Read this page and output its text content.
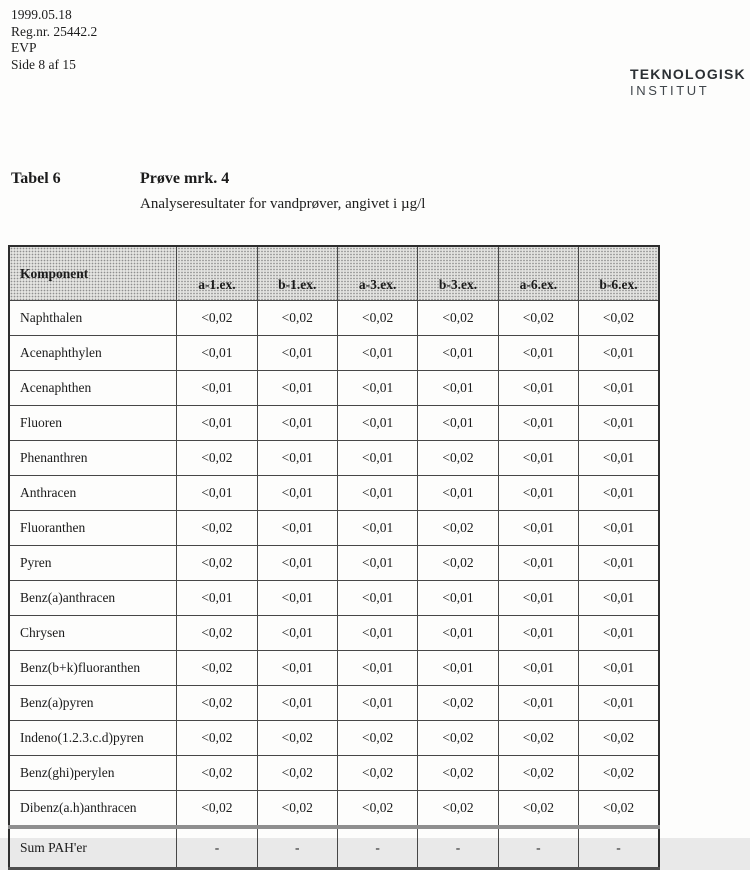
1999.05.18
Reg.nr. 25442.2
EVP
Side 8 af 15
TEKNOLOGISK
INSTITUT
Tabel 6	Prøve mrk. 4
Analyseresultater for vandprøver, angivet i µg/l
Komponent	a-1.ex.	b-1.ex.	a-3.ex.	b-3.ex.	a-6.ex.	b-6.ex.
Naphthalen	<0,02	<0,02	<0,02	<0,02	<0,02	<0,02
Acenaphthylen	<0,01	<0,01	<0,01	<0,01	<0,01	<0,01
Acenaphthen	<0,01	<0,01	<0,01	<0,01	<0,01	<0,01
Fluoren	<0,01	<0,01	<0,01	<0,01	<0,01	<0,01
Phenanthren	<0,02	<0,01	<0,01	<0,02	<0,01	<0,01
Anthracen	<0,01	<0,01	<0,01	<0,01	<0,01	<0,01
Fluoranthen	<0,02	<0,01	<0,01	<0,02	<0,01	<0,01
Pyren	<0,02	<0,01	<0,01	<0,02	<0,01	<0,01
Benz(a)anthracen	<0,01	<0,01	<0,01	<0,01	<0,01	<0,01
Chrysen	<0,02	<0,01	<0,01	<0,01	<0,01	<0,01
Benz(b+k)fluoranthen	<0,02	<0,01	<0,01	<0,01	<0,01	<0,01
Benz(a)pyren	<0,02	<0,01	<0,01	<0,02	<0,01	<0,01
Indeno(1.2.3.c.d)pyren	<0,02	<0,02	<0,02	<0,02	<0,02	<0,02
Benz(ghi)perylen	<0,02	<0,02	<0,02	<0,02	<0,02	<0,02
Dibenz(a.h)anthracen	<0,02	<0,02	<0,02	<0,02	<0,02	<0,02
Sum PAH'er	-	-	-	-	-	-
